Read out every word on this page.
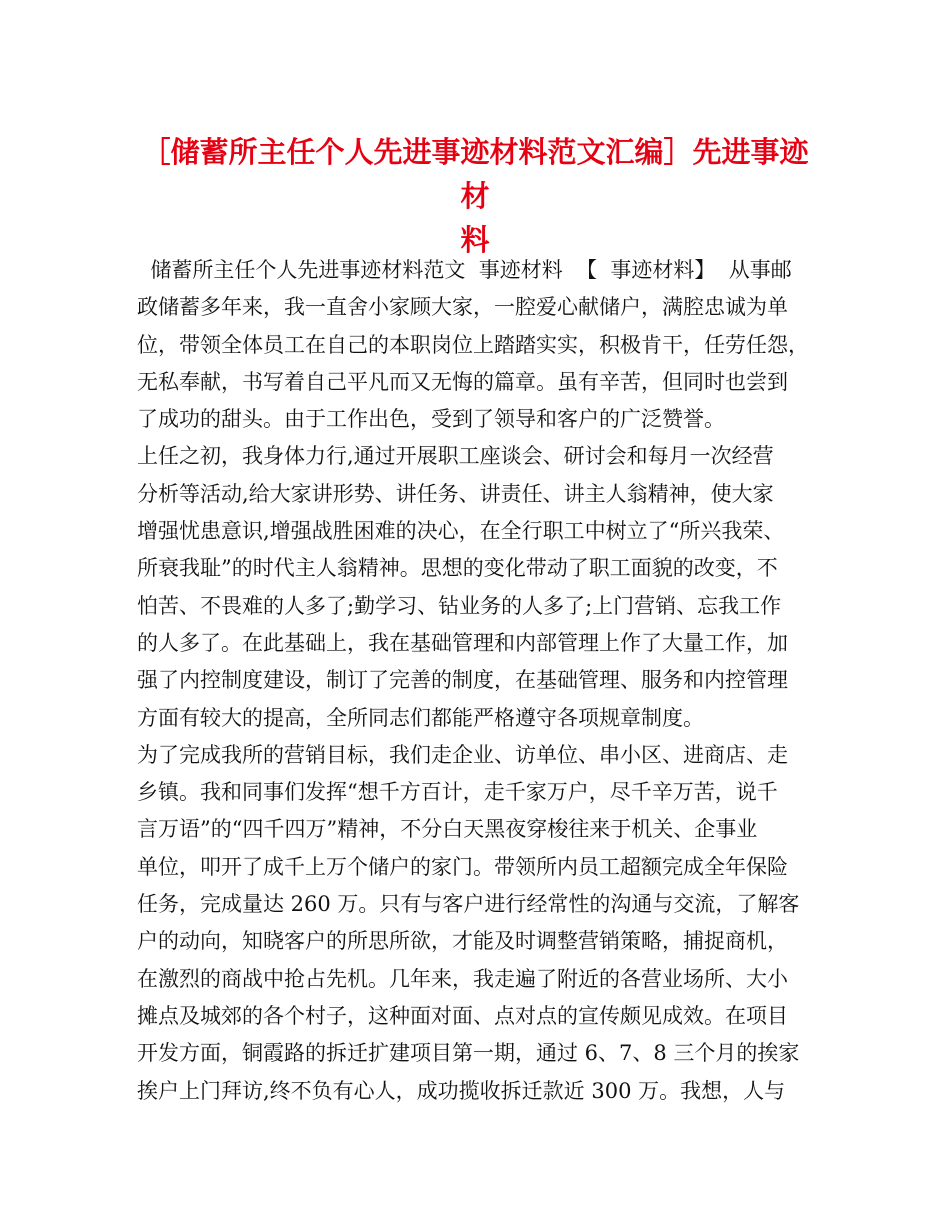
［储蓄所主任个人先进事迹材料范文汇编］先进事迹材
料
储蓄所主任个人先进事迹材料范文  事迹材料  【  事迹材料】  从事邮
政储蓄多年来，我一直舍小家顾大家，一腔爱心献储户，满腔忠诚为单
位，带领全体员工在自己的本职岗位上踏踏实实，积极肯干，任劳任怨，
无私奉献，书写着自己平凡而又无悔的篇章。虽有辛苦，但同时也尝到
了成功的甜头。由于工作出色，受到了领导和客户的广泛赞誉。
上任之初，我身体力行,通过开展职工座谈会、研讨会和每月一次经营
分析等活动,给大家讲形势、讲任务、讲责任、讲主人翁精神，使大家
增强忧患意识,增强战胜困难的决心，在全行职工中树立了“所兴我荣、
所衰我耻”的时代主人翁精神。思想的变化带动了职工面貌的改变，不
怕苦、不畏难的人多了;勤学习、钻业务的人多了;上门营销、忘我工作
的人多了。在此基础上，我在基础管理和内部管理上作了大量工作，加
强了内控制度建设，制订了完善的制度，在基础管理、服务和内控管理
方面有较大的提高，全所同志们都能严格遵守各项规章制度。
为了完成我所的营销目标，我们走企业、访单位、串小区、进商店、走
乡镇。我和同事们发挥“想千方百计，走千家万户，尽千辛万苦，说千
言万语”的“四千四万”精神，不分白天黑夜穿梭往来于机关、企事业
单位，叩开了成千上万个储户的家门。带领所内员工超额完成全年保险
任务，完成量达 260 万。只有与客户进行经常性的沟通与交流，了解客
户的动向，知晓客户的所思所欲，才能及时调整营销策略，捕捉商机，
在激烈的商战中抢占先机。几年来，我走遍了附近的各营业场所、大小
摊点及城郊的各个村子，这种面对面、点对点的宣传颇见成效。在项目
开发方面，铜霞路的拆迁扩建项目第一期，通过 6、7、8 三个月的挨家
挨户上门拜访,终不负有心人，成功揽收拆迁款近 300 万。我想，人与
